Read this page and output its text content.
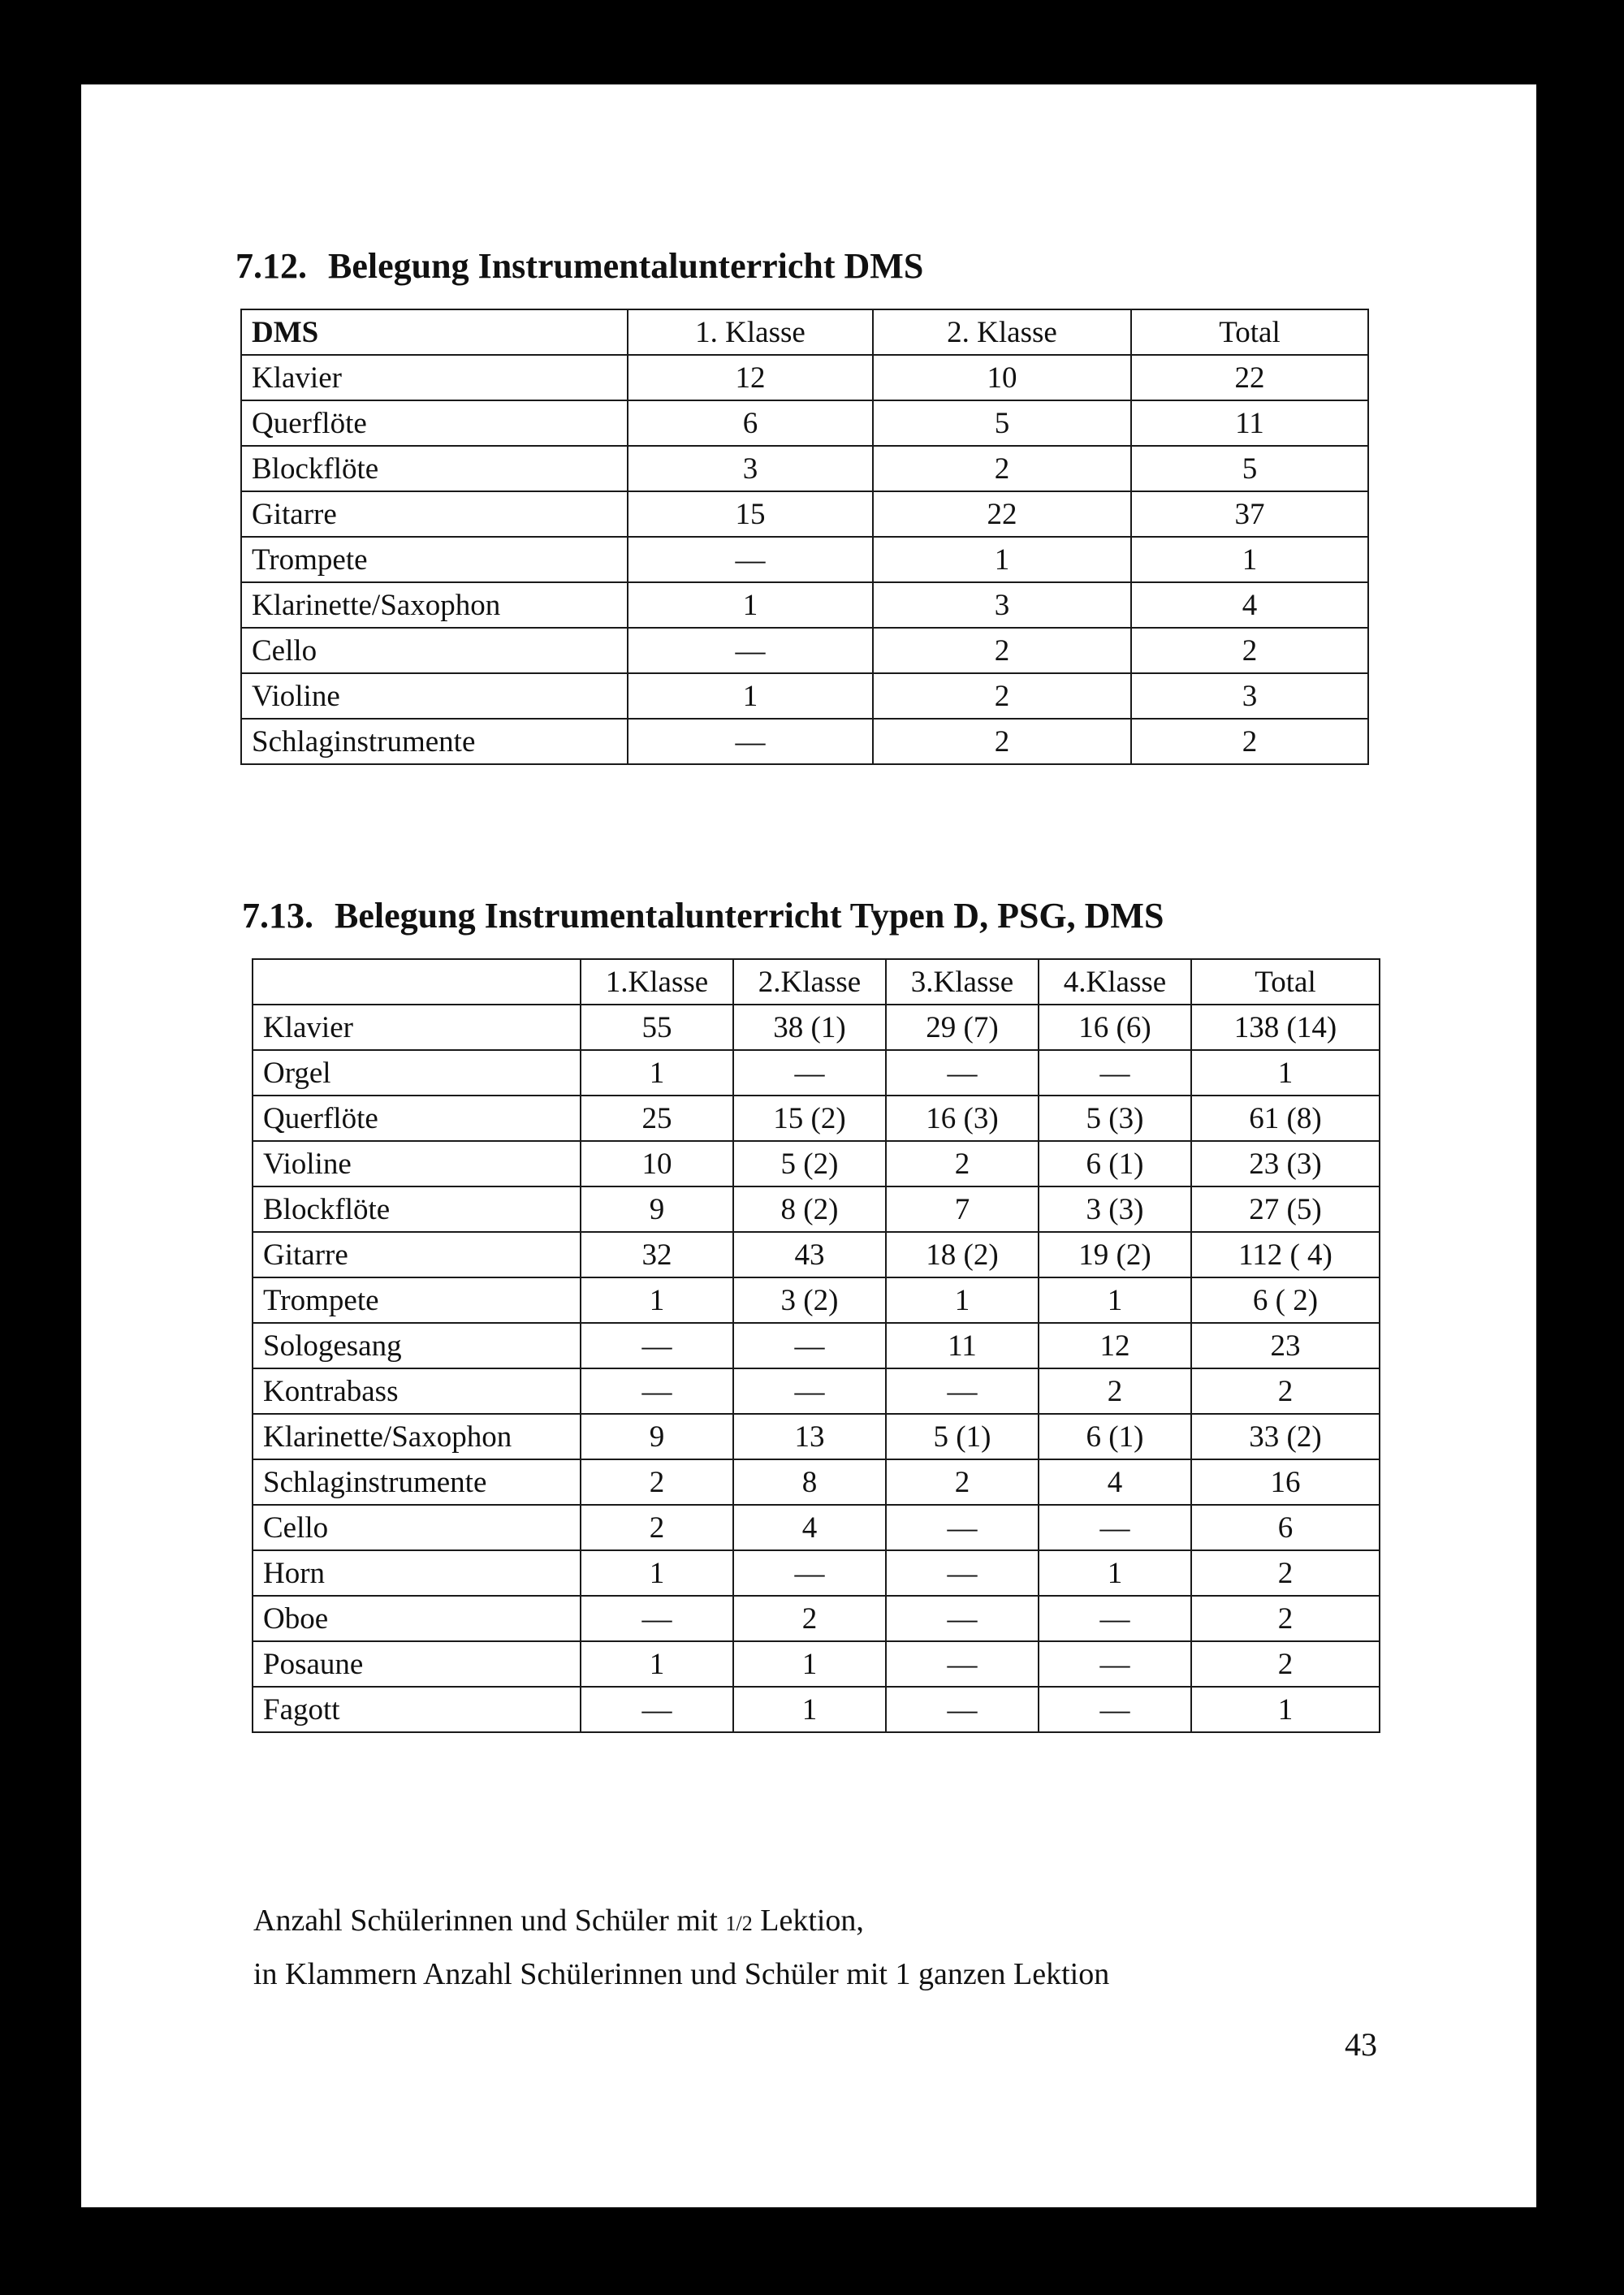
7.12. Belegung Instrumentalunterricht DMS
DMS	1. Klasse	2. Klasse	Total
Klavier	12	10	22
Querflöte	6	5	11
Blockflöte	3	2	5
Gitarre	15	22	37
Trompete	—	1	1
Klarinette/Saxophon	1	3	4
Cello	—	2	2
Violine	1	2	3
Schlaginstrumente	—	2	2
7.13. Belegung Instrumentalunterricht Typen D, PSG, DMS
	1.Klasse	2.Klasse	3.Klasse	4.Klasse	Total
Klavier	55	38 (1)	29 (7)	16 (6)	138 (14)
Orgel	1	—	—	—	1
Querflöte	25	15 (2)	16 (3)	5 (3)	61 (8)
Violine	10	5 (2)	2	6 (1)	23 (3)
Blockflöte	9	8 (2)	7	3 (3)	27 (5)
Gitarre	32	43	18 (2)	19 (2)	112 ( 4)
Trompete	1	3 (2)	1	1	6 ( 2)
Sologesang	—	—	11	12	23
Kontrabass	—	—	—	2	2
Klarinette/Saxophon	9	13	5 (1)	6 (1)	33 (2)
Schlaginstrumente	2	8	2	4	16
Cello	2	4	—	—	6
Horn	1	—	—	1	2
Oboe	—	2	—	—	2
Posaune	1	1	—	—	2
Fagott	—	1	—	—	1

Anzahl Schülerinnen und Schüler mit 1/2 Lektion,
in Klammern Anzahl Schülerinnen und Schüler mit 1 ganzen Lektion

43
